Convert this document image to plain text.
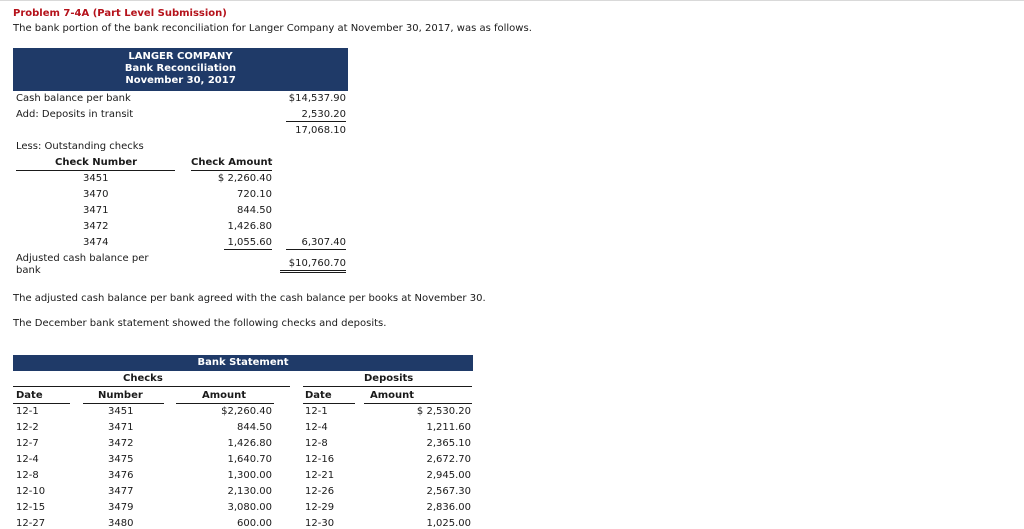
Problem 7-4A (Part Level Submission)
The bank portion of the bank reconciliation for Langer Company at November 30, 2017, was as follows.
LANGER COMPANY
Bank Reconciliation
November 30, 2017
Cash balance per bank	$14,537.90
Add: Deposits in transit	2,530.20
17,068.10
Less: Outstanding checks
Check Number	Check Amount
3451	$ 2,260.40
3470	720.10
3471	844.50
3472	1,426.80
3474	1,055.60	6,307.40
Adjusted cash balance per bank
$10,760.70
The adjusted cash balance per bank agreed with the cash balance per books at November 30.
The December bank statement showed the following checks and deposits.
Bank Statement
Checks	Deposits
Date	Number	Amount	Date	Amount
12-1	3451	$2,260.40	12-1	$ 2,530.20
12-2	3471	844.50	12-4	1,211.60
12-7	3472	1,426.80	12-8	2,365.10
12-4	3475	1,640.70	12-16	2,672.70
12-8	3476	1,300.00	12-21	2,945.00
12-10	3477	2,130.00	12-26	2,567.30
12-15	3479	3,080.00	12-29	2,836.00
12-27	3480	600.00	12-30	1,025.00
